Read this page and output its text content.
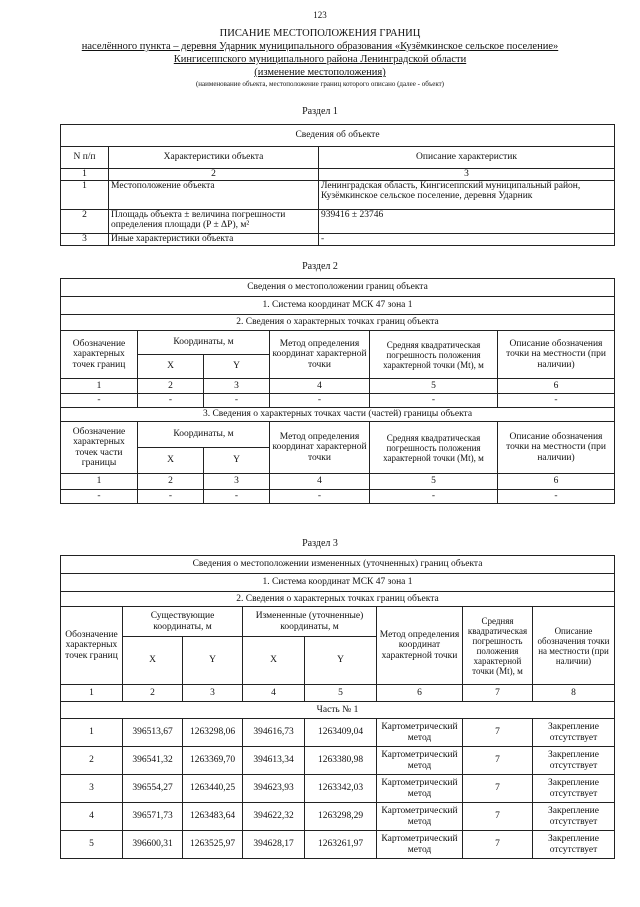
123
ПИСАНИЕ МЕСТОПОЛОЖЕНИЯ ГРАНИЦ
населённого пункта – деревня Ударник муниципального образования «Кузёмкинское сельское поселение»
Кингисеппского муниципального района Ленинградской области
(изменение местоположения)
(наименование объекта, местоположение границ которого описано (далее - объект)
Раздел 1
Сведения об объекте		
N п/п	Характеристики объекта	Описание характеристик
1	2	3
1	Местоположение объекта	Ленинградская область, Кингисеппский муниципальный район, Кузёмкинское сельское поселение, деревня Ударник
2	Площадь объекта ± величина погрешности определения площади (P ± ΔP), м²	939416 ± 23746
3	Иные характеристики объекта	-
Раздел 2
Сведения о местоположении границ объекта					
1. Система координат МСК 47 зона 1					
2. Сведения о характерных точках границ объекта					
Обозначение характерных точек границ	Координаты, м		Метод определения координат характерной точки	Средняя квадратическая погрешность положения характерной точки (Mt), м	Описание обозначения точки на местности (при наличии)
	X	Y			
1	2	3	4	5	6
-	-	-	-	-	-
3. Сведения о характерных точках части (частей) границы объекта					
Обозначение характерных точек части границы	Координаты, м		Метод определения координат характерной точки	Средняя квадратическая погрешность положения характерной точки (Mt), м	Описание обозначения точки на местности (при наличии)
	X	Y			
1	2	3	4	5	6
-	-	-	-	-	-
Раздел 3
Сведения о местоположении измененных (уточненных) границ объекта							
1. Система координат МСК 47 зона 1							
2. Сведения о характерных точках границ объекта							
Обозначение характерных точек границ	Существующие координаты, м		Измененные (уточненные) координаты, м		Метод определения координат характерной точки	Средняя квадратическая погрешность положения характерной точки (Mt), м	Описание обозначения точки на местности (при наличии)
	X	Y	X	Y			
1	2	3	4	5	6	7	8
Часть № 1							
1	396513,67	1263298,06	394616,73	1263409,04	Картометрический метод	7	Закрепление отсутствует
2	396541,32	1263369,70	394613,34	1263380,98	Картометрический метод	7	Закрепление отсутствует
3	396554,27	1263440,25	394623,93	1263342,03	Картометрический метод	7	Закрепление отсутствует
4	396571,73	1263483,64	394622,32	1263298,29	Картометрический метод	7	Закрепление отсутствует
5	396600,31	1263525,97	394628,17	1263261,97	Картометрический метод	7	Закрепление отсутствует
